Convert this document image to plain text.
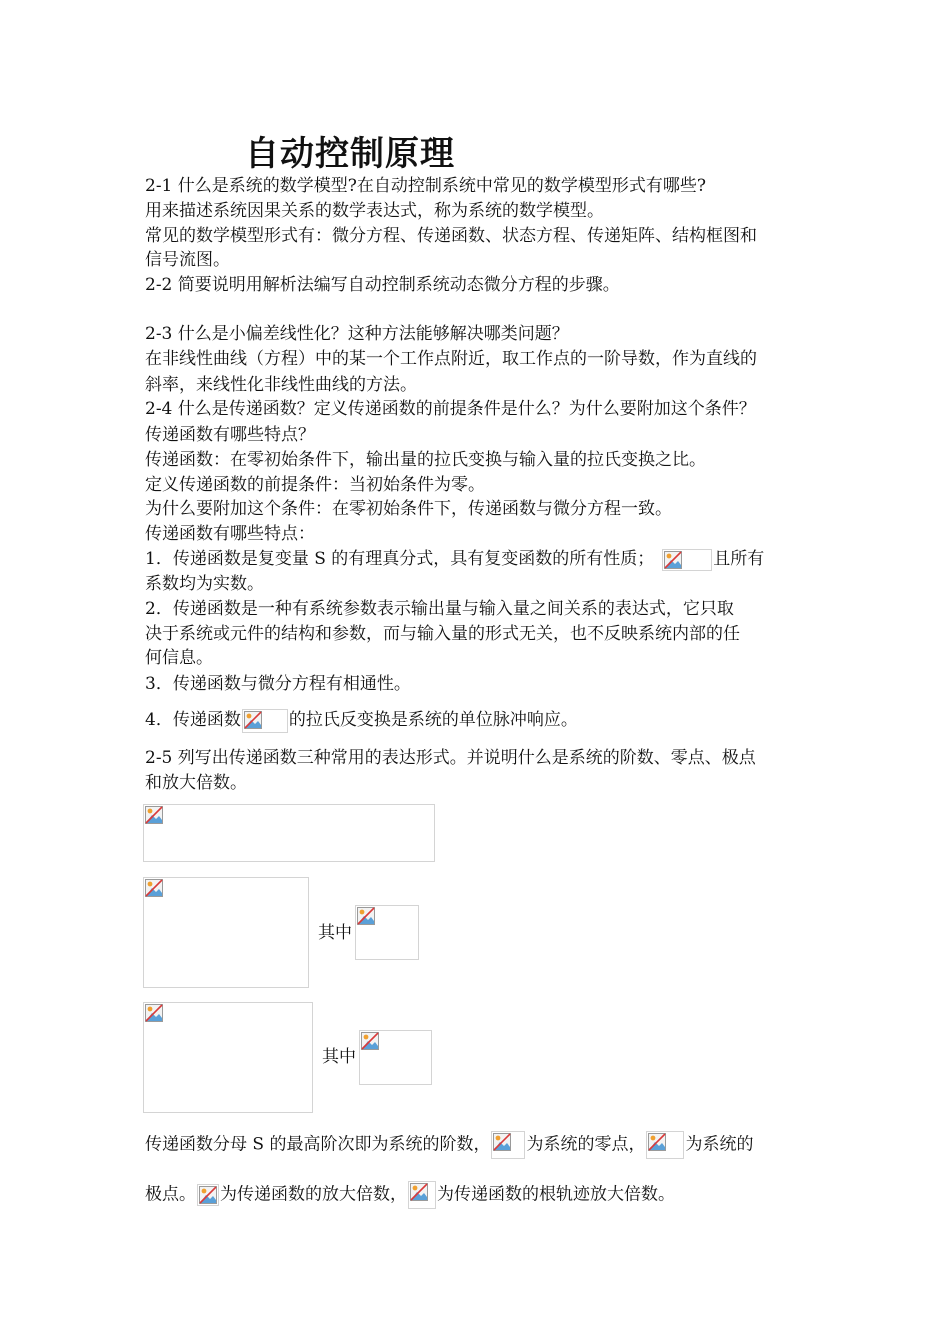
自动控制原理
2-1 什么是系统的数学模型?在自动控制系统中常见的数学模型形式有哪些?
用来描述系统因果关系的数学表达式，称为系统的数学模型。
常见的数学模型形式有：微分方程、传递函数、状态方程、传递矩阵、结构框图和
信号流图。
2-2 简要说明用解析法编写自动控制系统动态微分方程的步骤。
2-3 什么是小偏差线性化？这种方法能够解决哪类问题？
在非线性曲线（方程）中的某一个工作点附近，取工作点的一阶导数，作为直线的
斜率，来线性化非线性曲线的方法。
2-4 什么是传递函数？定义传递函数的前提条件是什么？为什么要附加这个条件？
传递函数有哪些特点？
传递函数：在零初始条件下，输出量的拉氏变换与输入量的拉氏变换之比。
定义传递函数的前提条件：当初始条件为零。
为什么要附加这个条件：在零初始条件下，传递函数与微分方程一致。
传递函数有哪些特点：
1．传递函数是复变量 S 的有理真分式，具有复变函数的所有性质；	且所有
系数均为实数。
2．传递函数是一种有系统参数表示输出量与输入量之间关系的表达式，它只取
决于系统或元件的结构和参数，而与输入量的形式无关，也不反映系统内部的任
何信息。
3．传递函数与微分方程有相通性。
4．传递函数	的拉氏反变换是系统的单位脉冲响应。
2-5 列写出传递函数三种常用的表达形式。并说明什么是系统的阶数、零点、极点
和放大倍数。
其中
其中
传递函数分母 S 的最高阶次即为系统的阶数， 为系统的零点， 为系统的
极点。 为传递函数的放大倍数， 为传递函数的根轨迹放大倍数。
